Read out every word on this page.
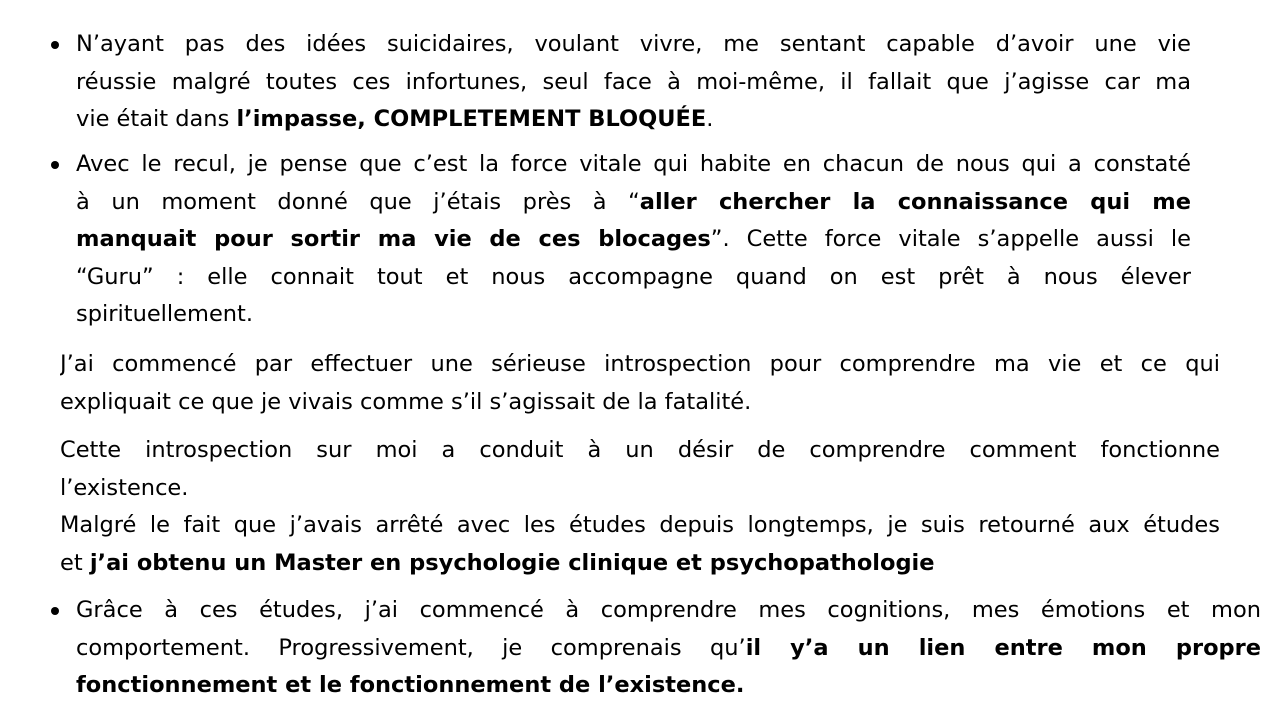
N’ayant pas des idées suicidaires, voulant vivre, me sentant capable d’avoir une vie
réussie malgré toutes ces infortunes, seul face à moi-même, il fallait que j’agisse car ma
vie était dans l’impasse, COMPLETEMENT BLOQUÉE.
Avec le recul, je pense que c’est la force vitale qui habite en chacun de nous qui a constaté
à un moment donné que j’étais près à “aller chercher la connaissance qui me
manquait pour sortir ma vie de ces blocages”. Cette force vitale s’appelle aussi le
“Guru” : elle connait tout et nous accompagne quand on est prêt à nous élever
spirituellement.
J’ai commencé par effectuer une sérieuse introspection pour comprendre ma vie et ce qui
expliquait ce que je vivais comme s’il s’agissait de la fatalité.
Cette introspection sur moi a conduit à un désir de comprendre comment fonctionne
l’existence.
Malgré le fait que j’avais arrêté avec les études depuis longtemps, je suis retourné aux études
et j’ai obtenu un Master en psychologie clinique et psychopathologie
Grâce à ces études, j’ai commencé à comprendre mes cognitions, mes émotions et mon
comportement. Progressivement, je comprenais qu’il y’a un lien entre mon propre
fonctionnement et le fonctionnement de l’existence.
